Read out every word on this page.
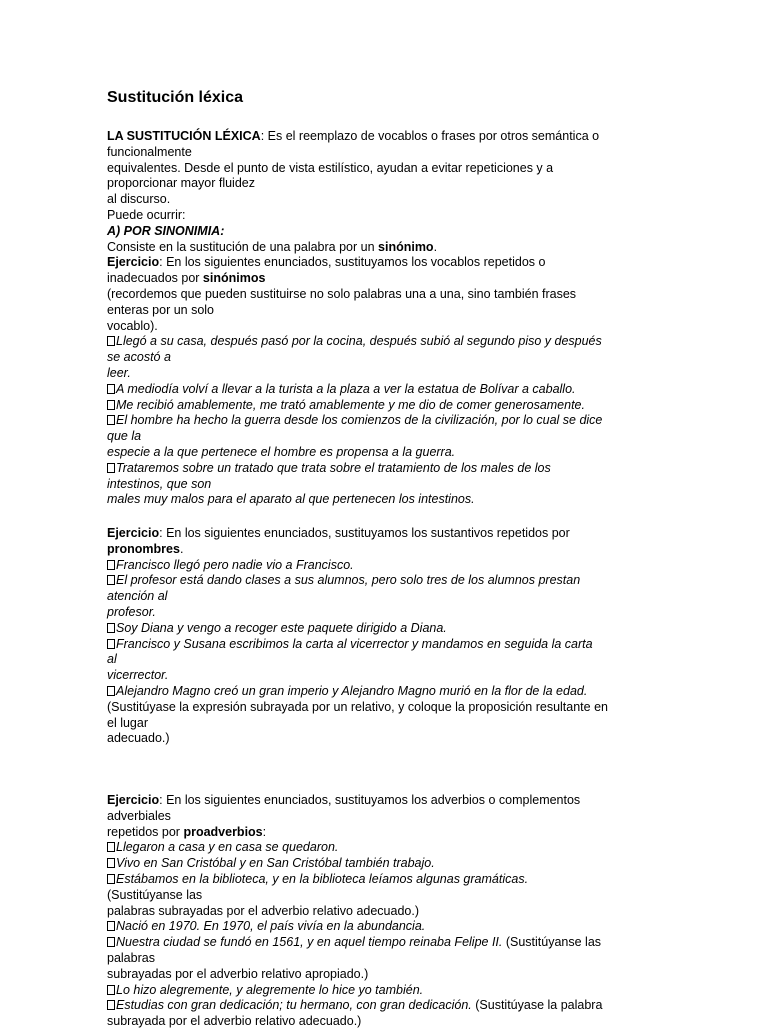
Sustitución léxica
LA SUSTITUCIÓN LÉXICA: Es el reemplazo de vocablos o frases por otros semántica o
funcionalmente
equivalentes. Desde el punto de vista estilístico, ayudan a evitar repeticiones y a
proporcionar mayor fluidez
al discurso.
Puede ocurrir:
A) POR SINONIMIA:
Consiste en la sustitución de una palabra por un sinónimo.
Ejercicio: En los siguientes enunciados, sustituyamos los vocablos repetidos o
inadecuados por sinónimos
(recordemos que pueden sustituirse no solo palabras una a una, sino también frases
enteras por un solo
vocablo).
Llegó a su casa, después pasó por la cocina, después subió al segundo piso y después
se acostó a
leer.
A mediodía volví a llevar a la turista a la plaza a ver la estatua de Bolívar a caballo.
Me recibió amablemente, me trató amablemente y me dio de comer generosamente.
El hombre ha hecho la guerra desde los comienzos de la civilización, por lo cual se dice
que la
especie a la que pertenece el hombre es propensa a la guerra.
Trataremos sobre un tratado que trata sobre el tratamiento de los males de los
intestinos, que son
males muy malos para el aparato al que pertenecen los intestinos.
Ejercicio: En los siguientes enunciados, sustituyamos los sustantivos repetidos por
pronombres.
Francisco llegó pero nadie vio a Francisco.
El profesor está dando clases a sus alumnos, pero solo tres de los alumnos prestan
atención al
profesor.
Soy Diana y vengo a recoger este paquete dirigido a Diana.
Francisco y Susana escribimos la carta al vicerrector y mandamos en seguida la carta
al
vicerrector.
Alejandro Magno creó un gran imperio y Alejandro Magno murió en la flor de la edad.
(Sustitúyase la expresión subrayada por un relativo, y coloque la proposición resultante en
el lugar
adecuado.)
Ejercicio: En los siguientes enunciados, sustituyamos los adverbios o complementos
adverbiales
repetidos por proadverbios:
Llegaron a casa y en casa se quedaron.
Vivo en San Cristóbal y en San Cristóbal también trabajo.
Estábamos en la biblioteca, y en la biblioteca leíamos algunas gramáticas.
(Sustitúyanse las
palabras subrayadas por el adverbio relativo adecuado.)
Nació en 1970. En 1970, el país vivía en la abundancia.
Nuestra ciudad se fundó en 1561, y en aquel tiempo reinaba Felipe II. (Sustitúyanse las
palabras
subrayadas por el adverbio relativo apropiado.)
Lo hizo alegremente, y alegremente lo hice yo también.
Estudias con gran dedicación; tu hermano, con gran dedicación. (Sustitúyase la palabra
subrayada por el adverbio relativo adecuado.)
